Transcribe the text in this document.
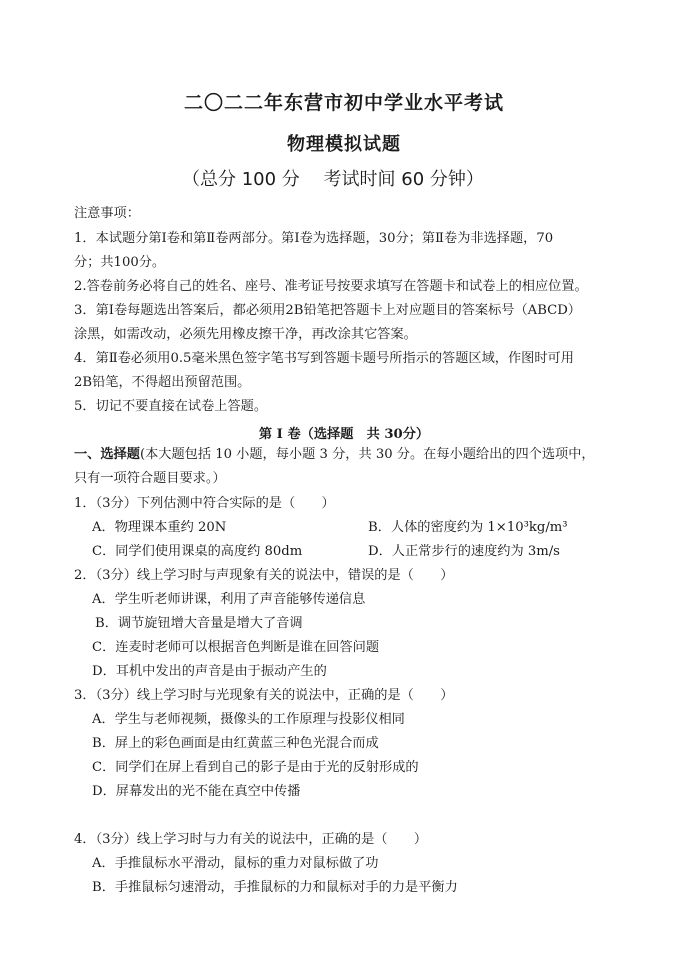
二〇二二年东营市初中学业水平考试
物理模拟试题
（总分 100 分　 考试时间 60 分钟）
注意事项：
1．本试题分第Ⅰ卷和第Ⅱ卷两部分。第Ⅰ卷为选择题，30分；第Ⅱ卷为非选择题，70
分；共100分。
2.答卷前务必将自己的姓名、座号、准考证号按要求填写在答题卡和试卷上的相应位置。
3．第Ⅰ卷每题选出答案后，都必须用2B铅笔把答题卡上对应题目的答案标号（ABCD）
涂黑，如需改动，必须先用橡皮擦干净，再改涂其它答案。
4．第Ⅱ卷必须用0.5毫米黑色签字笔书写到答题卡题号所指示的答题区域，作图时可用
2B铅笔，不得超出预留范围。
5．切记不要直接在试卷上答题。
第 Ⅰ 卷（选择题　共 30分）
一、选择题(本大题包括 10 小题，每小题 3 分，共 30 分。在每小题给出的四个选项中，
只有一项符合题目要求。）
1．（3分）下列估测中符合实际的是（　　）
A．物理课本重约 20N	B．人体的密度约为 1×10³kg/m³
C．同学们使用课桌的高度约 80dm	D．人正常步行的速度约为 3m/s
2．（3分）线上学习时与声现象有关的说法中，错误的是（　　）
A．学生听老师讲课，利用了声音能够传递信息
B．调节旋钮增大音量是增大了音调
C．连麦时老师可以根据音色判断是谁在回答问题
D．耳机中发出的声音是由于振动产生的
3．（3分）线上学习时与光现象有关的说法中，正确的是（　　）
A．学生与老师视频，摄像头的工作原理与投影仪相同
B．屏上的彩色画面是由红黄蓝三种色光混合而成
C．同学们在屏上看到自己的影子是由于光的反射形成的
D．屏幕发出的光不能在真空中传播
4．（3分）线上学习时与力有关的说法中，正确的是（　　）
A．手推鼠标水平滑动，鼠标的重力对鼠标做了功
B．手推鼠标匀速滑动，手推鼠标的力和鼠标对手的力是平衡力
